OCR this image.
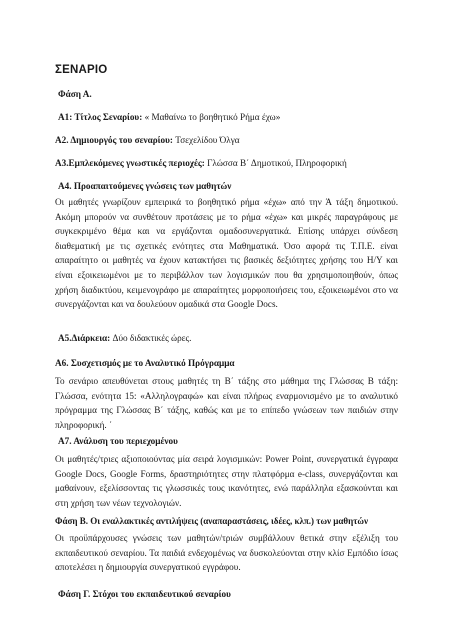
ΣΕΝΑΡΙΟ
Φάση Α.
Α1: Τίτλος Σεναρίου: « Μαθαίνω το βοηθητικό Ρήμα έχω»
Α2. Δημιουργός του σεναρίου: Τσεχελίδου Όλγα
Α3.Εμπλεκόμενες γνωστικές περιοχές: Γλώσσα Β΄ Δημοτικού, Πληροφορική
Α4. Προαπαιτούμενες γνώσεις των μαθητών
Οι μαθητές γνωρίζουν εμπειρικά το βοηθητικό ρήμα «έχω» από την Ά τάξη δημοτικού. Ακόμη μπορούν να συνθέτουν προτάσεις με το ρήμα «έχω» και μικρές παραγράφους με συγκεκριμένο θέμα και να εργάζονται ομαδοσυνεργατικά. Επίσης υπάρχει σύνδεση διαθεματική με τις σχετικές ενότητες στα Μαθηματικά. Όσο αφορά τις Τ.Π.Ε. είναι απαραίτητο οι μαθητές να έχουν κατακτήσει τις βασικές δεξιότητες χρήσης του Η/Υ και είναι εξοικειωμένοι με το περιβάλλον των λογισμικών που θα χρησιμοποιηθούν, όπως χρήση διαδικτύου, κειμενογράφο με απαραίτητες μορφοποιήσεις του, εξοικειωμένοι στο να συνεργάζονται και να δουλεύουν ομαδικά στα Google Docs.
Α5.Διάρκεια: Δύο διδακτικές ώρες.
Α6. Συσχετισμός με το Αναλυτικό Πρόγραμμα
Το σενάριο απευθύνεται στους μαθητές τη Β΄ τάξης στο μάθημα της Γλώσσας Β τάξη: Γλώσσα, ενότητα 15: «Αλληλογραφώ» και είναι πλήρως εναρμονισμένο με το αναλυτικό πρόγραμμα της Γλώσσας Β΄ τάξης, καθώς και με το επίπεδο γνώσεων των παιδιών στην πληροφορική. ΄
Α7. Ανάλυση του περιεχομένου
Οι μαθητές/τριες αξιοποιούντας μία σειρά λογισμικών: Power Point, συνεργατικά έγγραφα Google Docs, Google Forms, δραστηριότητες στην πλατφόρμα e-class, συνεργάζονται και μαθαίνουν, εξελίσσοντας τις γλωσσικές τους ικανότητες, ενώ παράλληλα εξασκούνται και στη χρήση των νέων τεχνολογιών.
Φάση Β. Οι εναλλακτικές αντιλήψεις (αναπαραστάσεις, ιδέες, κλπ.) των μαθητών
Οι προϋπάρχουσες γνώσεις των μαθητών/τριών συμβάλλουν θετικά στην εξέλιξη του εκπαιδευτικού σεναρίου. Τα παιδιά ενδεχομένως να δυσκολεύονται στην κλίσ Εμπόδιο ίσως αποτελέσει η δημιουργία συνεργατικού εγγράφου.
Φάση Γ. Στόχοι του εκπαιδευτικού σεναρίου
